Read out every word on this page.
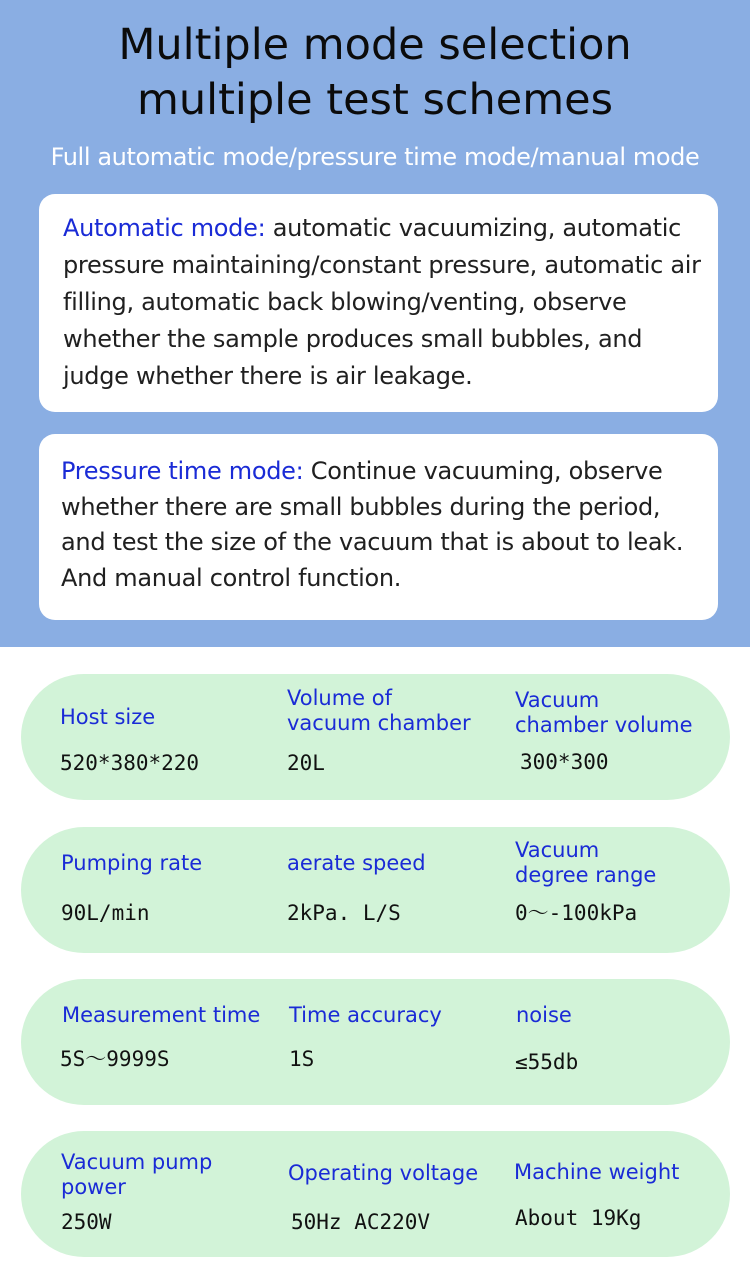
Multiple mode selection
multiple test schemes
Full automatic mode/pressure time mode/manual mode
Automatic mode: automatic vacuumizing, automatic pressure maintaining/constant pressure, automatic air filling, automatic back blowing/venting, observe whether the sample produces small bubbles, and judge whether there is air leakage.
Pressure time mode: Continue vacuuming, observe whether there are small bubbles during the period, and test the size of the vacuum that is about to leak. And manual control function.
Host size
520*380*220
Volume of
vacuum chamber
20L
Vacuum
chamber volume
300*300
Pumping rate
90L/min
aerate speed
2kPa. L/S
Vacuum
degree range
0〜-100kPa
Measurement time
5S〜9999S
Time accuracy
1S
noise
≤55db
Vacuum pump
power
250W
Operating voltage
50Hz AC220V
Machine weight
About 19Kg
